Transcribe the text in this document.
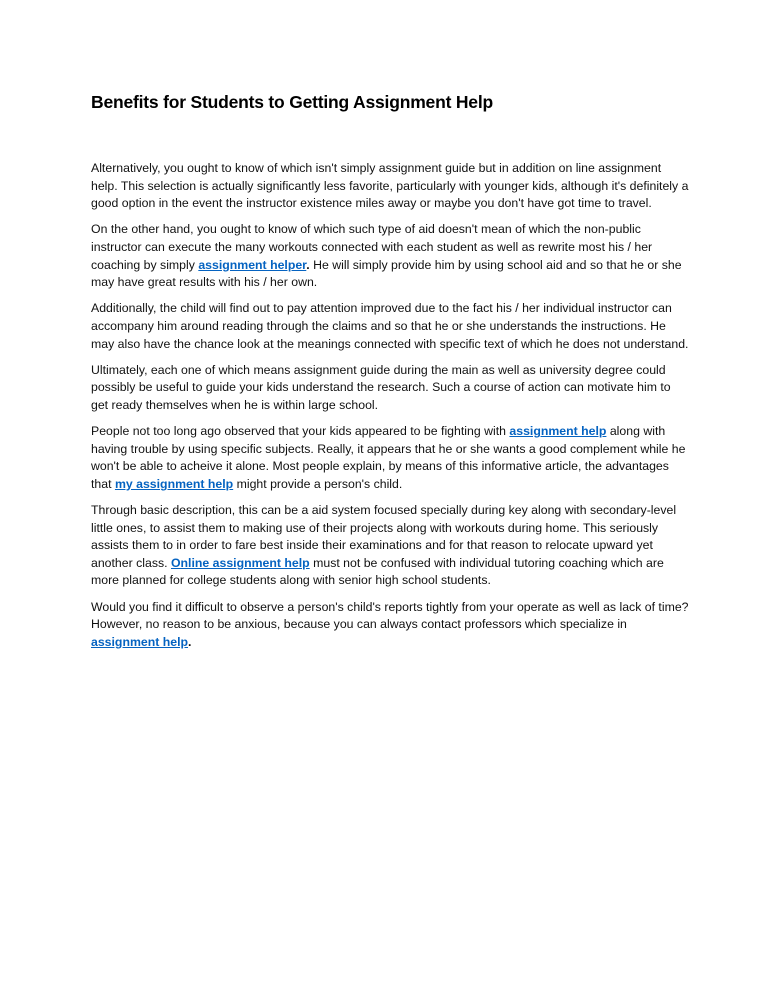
Benefits for Students to Getting Assignment Help

Alternatively, you ought to know of which isn't simply assignment guide but in addition on line assignment help. This selection is actually significantly less favorite, particularly with younger kids, although it's definitely a good option in the event the instructor existence miles away or maybe you don't have got time to travel.

On the other hand, you ought to know of which such type of aid doesn't mean of which the non-public instructor can execute the many workouts connected with each student as well as rewrite most his / her coaching by simply assignment helper. He will simply provide him by using school aid and so that he or she may have great results with his / her own.

Additionally, the child will find out to pay attention improved due to the fact his / her individual instructor can accompany him around reading through the claims and so that he or she understands the instructions. He may also have the chance look at the meanings connected with specific text of which he does not understand.

Ultimately, each one of which means assignment guide during the main as well as university degree could possibly be useful to guide your kids understand the research. Such a course of action can motivate him to get ready themselves when he is within large school.

People not too long ago observed that your kids appeared to be fighting with assignment help along with having trouble by using specific subjects. Really, it appears that he or she wants a good complement while he won't be able to acheive it alone. Most people explain, by means of this informative article, the advantages that my assignment help might provide a person's child.

Through basic description, this can be a aid system focused specially during key along with secondary-level little ones, to assist them to making use of their projects along with workouts during home. This seriously assists them to in order to fare best inside their examinations and for that reason to relocate upward yet another class. Online assignment help must not be confused with individual tutoring coaching which are more planned for college students along with senior high school students.

Would you find it difficult to observe a person's child's reports tightly from your operate as well as lack of time? However, no reason to be anxious, because you can always contact professors which specialize in assignment help.
